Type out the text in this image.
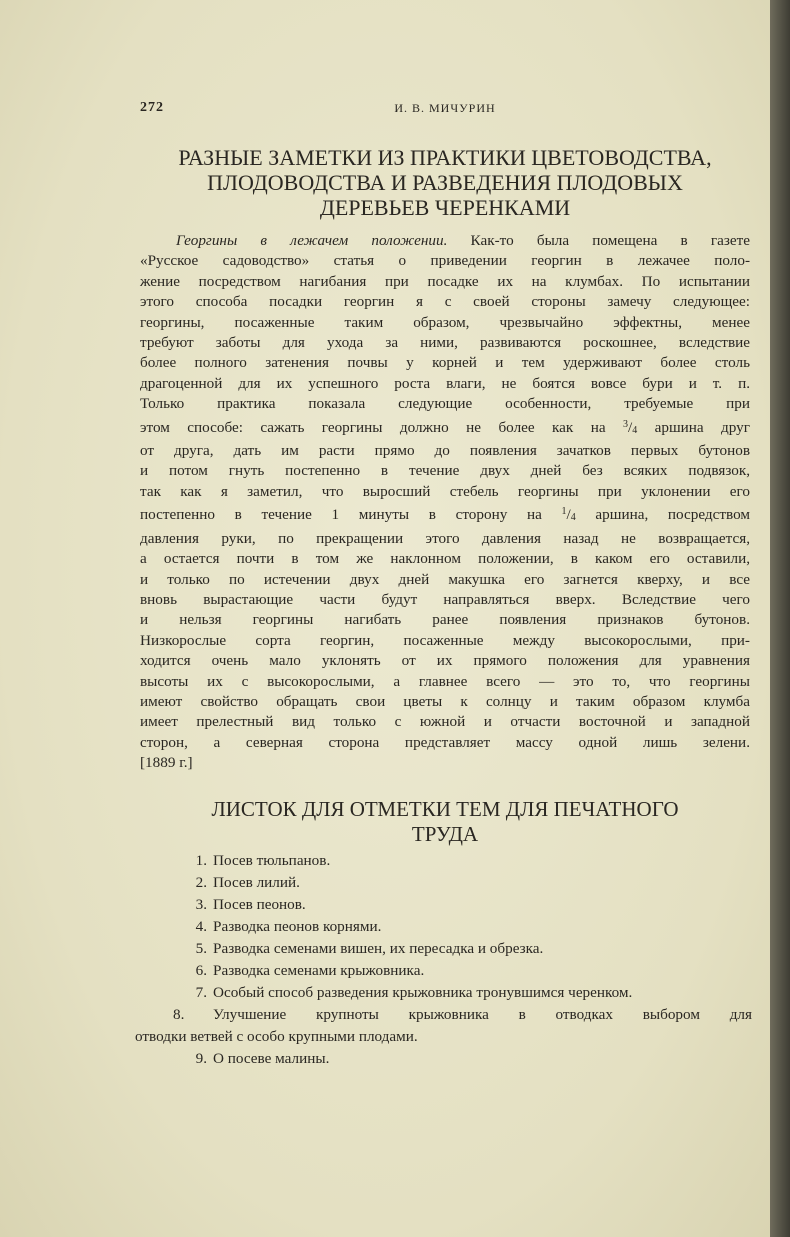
272	И. В. МИЧУРИН
РАЗНЫЕ ЗАМЕТКИ ИЗ ПРАКТИКИ ЦВЕТОВОДСТВА,
ПЛОДОВОДСТВА И РАЗВЕДЕНИЯ ПЛОДОВЫХ
ДЕРЕВЬЕВ ЧЕРЕНКАМИ

Георгины в лежачем положении. Как-то была помещена в газете
«Русское садоводство» статья о приведении георгин в лежачее поло-
жение посредством нагибания при посадке их на клумбах. По испытании
этого способа посадки георгин я с своей стороны замечу следующее:
георгины, посаженные таким образом, чрезвычайно эффектны, менее
требуют заботы для ухода за ними, развиваются роскошнее, вследствие
более полного затенения почвы у корней и тем удерживают более столь
драгоценной для их успешного роста влаги, не боятся вовсе бури и т. п.
Только практика показала следующие особенности, требуемые при
этом способе: сажать георгины должно не более как на $^3$/4 аршина друг
от друга, дать им расти прямо до появления зачатков первых бутонов
и потом гнуть постепенно в течение двух дней без всяких подвязок,
так как я заметил, что выросший стебель георгины при уклонении его
постепенно в течение 1 минуты в сторону на $^1$/4 аршина, посредством
давления руки, по прекращении этого давления назад не возвращается,
а остается почти в том же наклонном положении, в каком его оставили,
и только по истечении двух дней макушка его загнется кверху, и все
вновь вырастающие части будут направляться вверх. Вследствие чего
и нельзя георгины нагибать ранее появления признаков бутонов.
Низкорослые сорта георгин, посаженные между высокорослыми, при-
ходится очень мало уклонять от их прямого положения для уравнения
высоты их с высокорослыми, а главнее всего — это то, что георгины
имеют свойство обращать свои цветы к солнцу и таким образом клумба
имеет прелестный вид только с южной и отчасти восточной и западной
сторон, а северная сторона представляет массу одной лишь зелени.
[1889 г.]

ЛИСТОК ДЛЯ ОТМЕТКИ ТЕМ ДЛЯ ПЕЧАТНОГО
ТРУДА
1. Посев тюльпанов.
2. Посев лилий.
3. Посев пеонов.
4. Разводка пеонов корнями.
5. Разводка семенами вишен, их пересадка и обрезка.
6. Разводка семенами крыжовника.
7. Особый способ разведения крыжовника тронувшимся черенком.
8. Улучшение крупноты крыжовника в отводках выбором для
отводки ветвей с особо крупными плодами.
9. О посеве малины.
